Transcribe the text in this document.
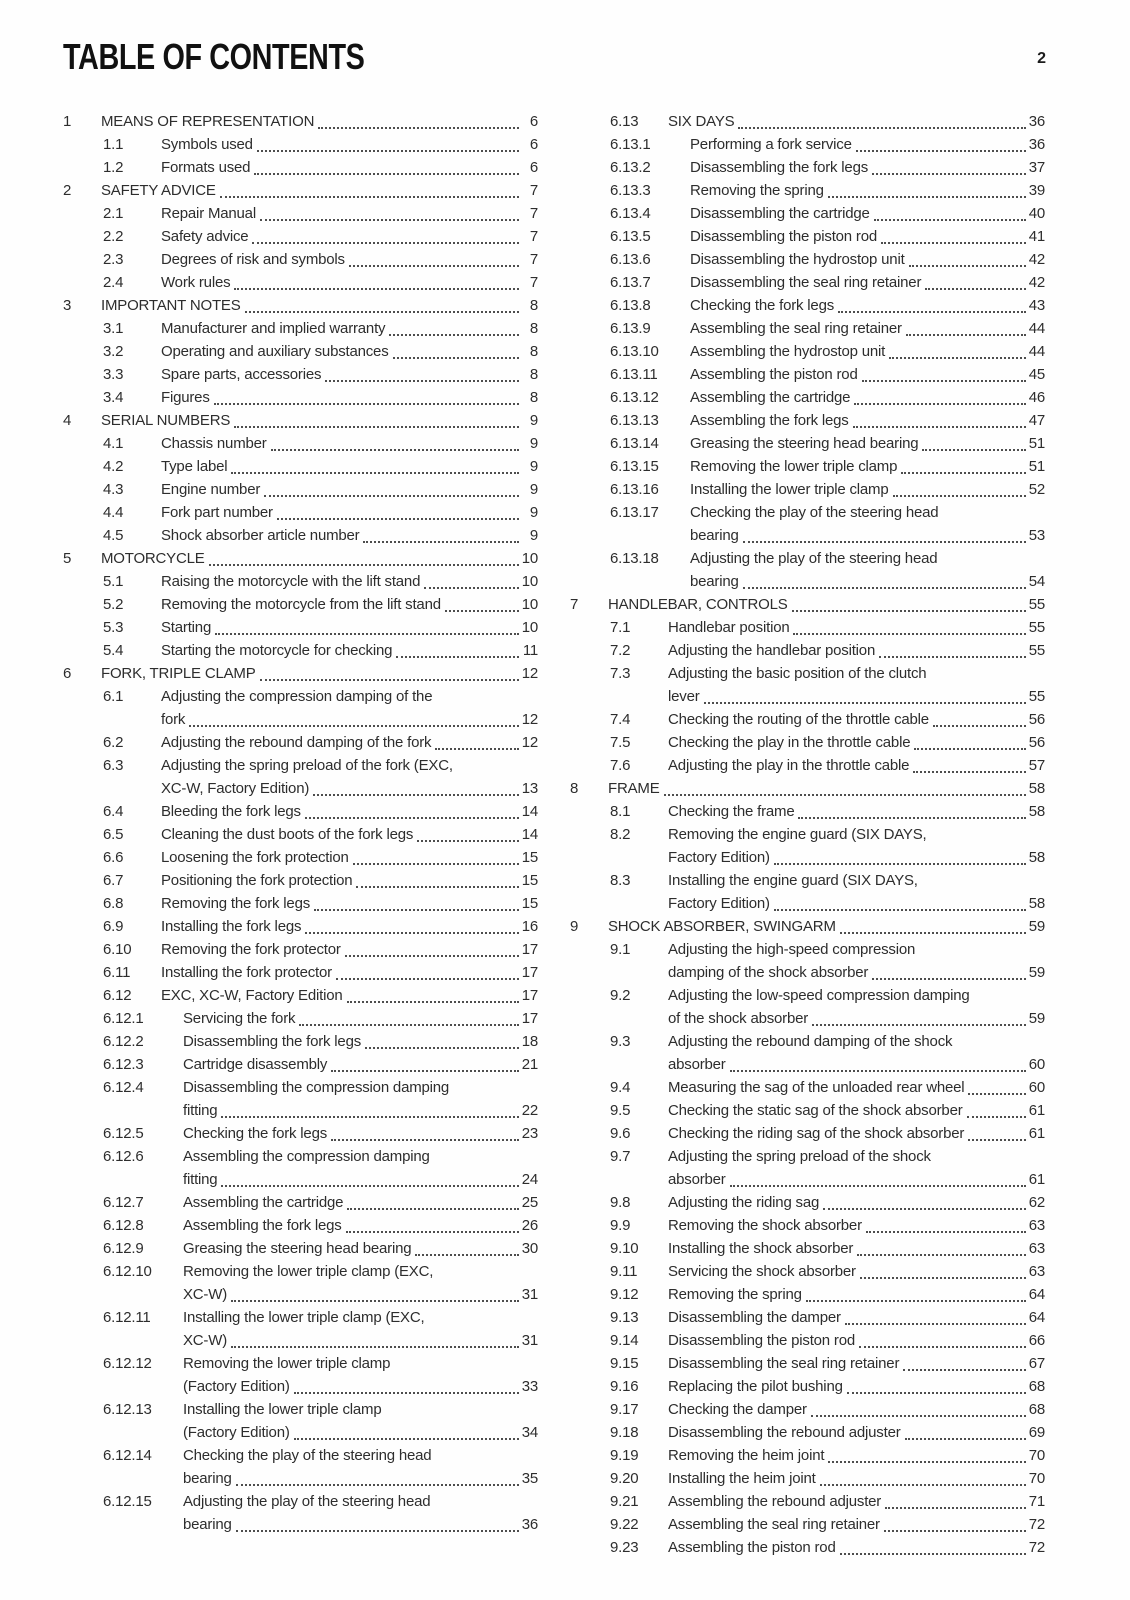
TABLE OF CONTENTS	2
1	MEANS OF REPRESENTATION	6
1.1	Symbols used	6
1.2	Formats used	6
2	SAFETY ADVICE	7
2.1	Repair Manual	7
2.2	Safety advice	7
2.3	Degrees of risk and symbols	7
2.4	Work rules	7
3	IMPORTANT NOTES	8
3.1	Manufacturer and implied warranty	8
3.2	Operating and auxiliary substances	8
3.3	Spare parts, accessories	8
3.4	Figures	8
4	SERIAL NUMBERS	9
4.1	Chassis number	9
4.2	Type label	9
4.3	Engine number	9
4.4	Fork part number	9
4.5	Shock absorber article number	9
5	MOTORCYCLE	10
5.1	Raising the motorcycle with the lift stand	10
5.2	Removing the motorcycle from the lift stand	10
5.3	Starting	10
5.4	Starting the motorcycle for checking	11
6	FORK, TRIPLE CLAMP	12
6.1	Adjusting the compression damping of the
fork	12
6.2	Adjusting the rebound damping of the fork	12
6.3	Adjusting the spring preload of the fork (EXC,
XC-W, Factory Edition)	13
6.4	Bleeding the fork legs	14
6.5	Cleaning the dust boots of the fork legs	14
6.6	Loosening the fork protection	15
6.7	Positioning the fork protection	15
6.8	Removing the fork legs	15
6.9	Installing the fork legs	16
6.10	Removing the fork protector	17
6.11	Installing the fork protector	17
6.12	EXC, XC-W, Factory Edition	17
6.12.1	Servicing the fork	17
6.12.2	Disassembling the fork legs	18
6.12.3	Cartridge disassembly	21
6.12.4	Disassembling the compression damping
fitting	22
6.12.5	Checking the fork legs	23
6.12.6	Assembling the compression damping
fitting	24
6.12.7	Assembling the cartridge	25
6.12.8	Assembling the fork legs	26
6.12.9	Greasing the steering head bearing	30
6.12.10	Removing the lower triple clamp (EXC,
XC-W)	31
6.12.11	Installing the lower triple clamp (EXC,
XC-W)	31
6.12.12	Removing the lower triple clamp
(Factory Edition)	33
6.12.13	Installing the lower triple clamp
(Factory Edition)	34
6.12.14	Checking the play of the steering head
bearing	35
6.12.15	Adjusting the play of the steering head
bearing	36
6.13	SIX DAYS	36
6.13.1	Performing a fork service	36
6.13.2	Disassembling the fork legs	37
6.13.3	Removing the spring	39
6.13.4	Disassembling the cartridge	40
6.13.5	Disassembling the piston rod	41
6.13.6	Disassembling the hydrostop unit	42
6.13.7	Disassembling the seal ring retainer	42
6.13.8	Checking the fork legs	43
6.13.9	Assembling the seal ring retainer	44
6.13.10	Assembling the hydrostop unit	44
6.13.11	Assembling the piston rod	45
6.13.12	Assembling the cartridge	46
6.13.13	Assembling the fork legs	47
6.13.14	Greasing the steering head bearing	51
6.13.15	Removing the lower triple clamp	51
6.13.16	Installing the lower triple clamp	52
6.13.17	Checking the play of the steering head
bearing	53
6.13.18	Adjusting the play of the steering head
bearing	54
7	HANDLEBAR, CONTROLS	55
7.1	Handlebar position	55
7.2	Adjusting the handlebar position	55
7.3	Adjusting the basic position of the clutch
lever	55
7.4	Checking the routing of the throttle cable	56
7.5	Checking the play in the throttle cable	56
7.6	Adjusting the play in the throttle cable	57
8	FRAME	58
8.1	Checking the frame	58
8.2	Removing the engine guard (SIX DAYS,
Factory Edition)	58
8.3	Installing the engine guard (SIX DAYS,
Factory Edition)	58
9	SHOCK ABSORBER, SWINGARM	59
9.1	Adjusting the high-speed compression
damping of the shock absorber	59
9.2	Adjusting the low-speed compression damping
of the shock absorber	59
9.3	Adjusting the rebound damping of the shock
absorber	60
9.4	Measuring the sag of the unloaded rear wheel	60
9.5	Checking the static sag of the shock absorber	61
9.6	Checking the riding sag of the shock absorber	61
9.7	Adjusting the spring preload of the shock
absorber	61
9.8	Adjusting the riding sag	62
9.9	Removing the shock absorber	63
9.10	Installing the shock absorber	63
9.11	Servicing the shock absorber	63
9.12	Removing the spring	64
9.13	Disassembling the damper	64
9.14	Disassembling the piston rod	66
9.15	Disassembling the seal ring retainer	67
9.16	Replacing the pilot bushing	68
9.17	Checking the damper	68
9.18	Disassembling the rebound adjuster	69
9.19	Removing the heim joint	70
9.20	Installing the heim joint	70
9.21	Assembling the rebound adjuster	71
9.22	Assembling the seal ring retainer	72
9.23	Assembling the piston rod	72
